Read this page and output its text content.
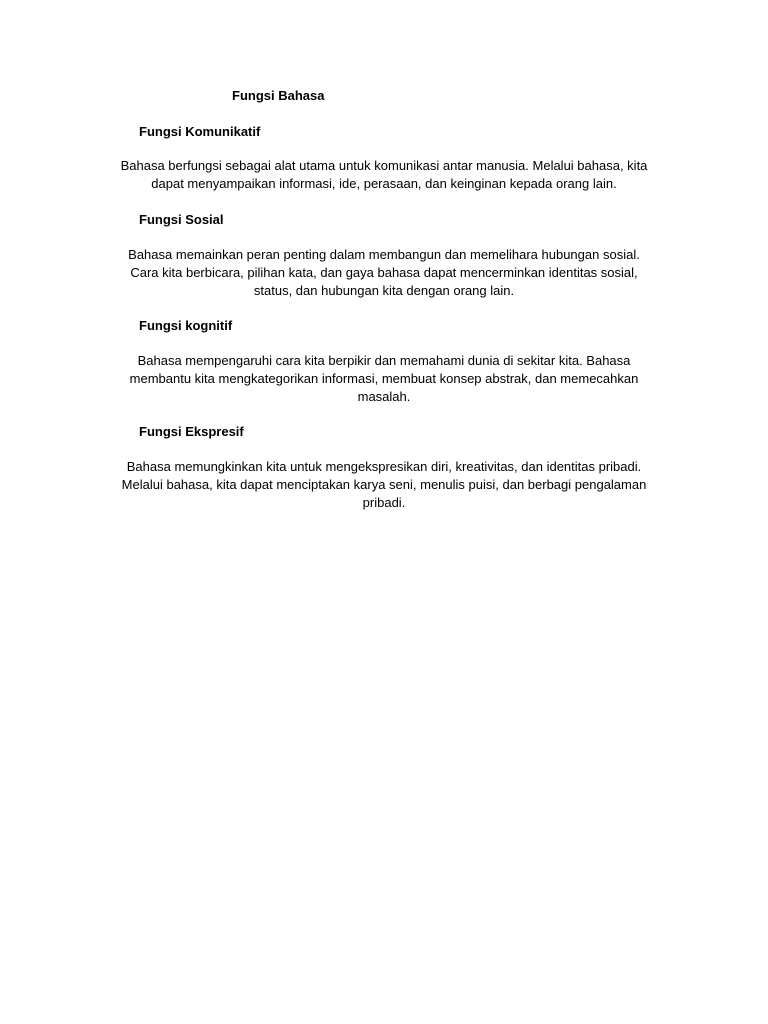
Fungsi Bahasa
Fungsi Komunikatif
Bahasa berfungsi sebagai alat utama untuk komunikasi antar manusia. Melalui bahasa, kita
dapat menyampaikan informasi, ide, perasaan, dan keinginan kepada orang lain.
Fungsi Sosial
Bahasa memainkan peran penting dalam membangun dan memelihara hubungan sosial.
Cara kita berbicara, pilihan kata, dan gaya bahasa dapat mencerminkan identitas sosial,
status, dan hubungan kita dengan orang lain.
Fungsi kognitif
Bahasa mempengaruhi cara kita berpikir dan memahami dunia di sekitar kita. Bahasa
membantu kita mengkategorikan informasi, membuat konsep abstrak, dan memecahkan
masalah.
Fungsi Ekspresif
Bahasa memungkinkan kita untuk mengekspresikan diri, kreativitas, dan identitas pribadi.
Melalui bahasa, kita dapat menciptakan karya seni, menulis puisi, dan berbagi pengalaman
pribadi.
